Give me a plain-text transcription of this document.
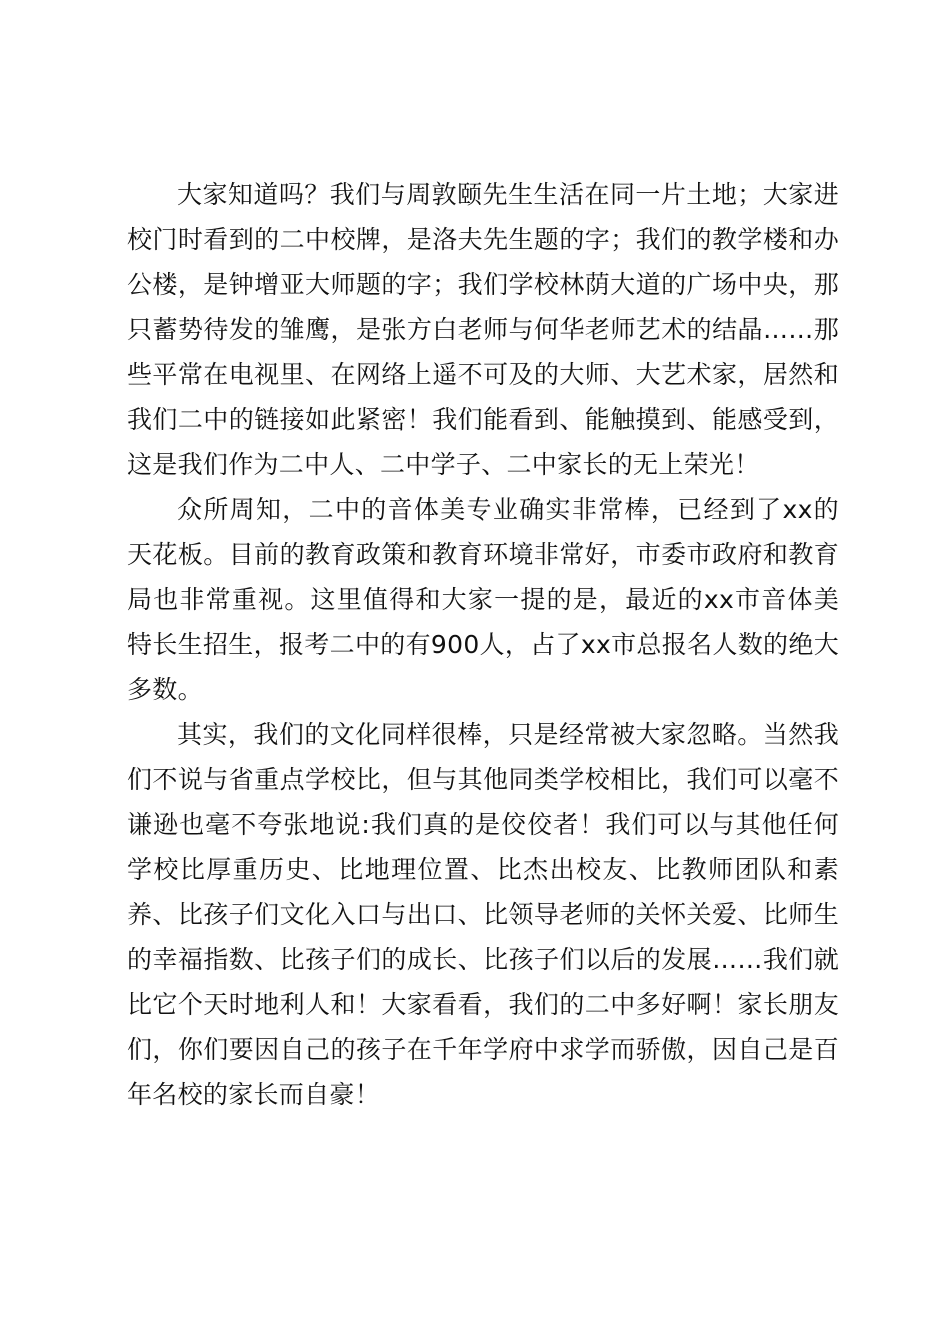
大家知道吗？我们与周敦颐先生生活在同一片土地；大家进校门时看到的二中校牌，是洛夫先生题的字；我们的教学楼和办公楼，是钟增亚大师题的字；我们学校林荫大道的广场中央，那只蓄势待发的雏鹰，是张方白老师与何华老师艺术的结晶……那些平常在电视里、在网络上遥不可及的大师、大艺术家，居然和我们二中的链接如此紧密！我们能看到、能触摸到、能感受到，这是我们作为二中人、二中学子、二中家长的无上荣光！

众所周知，二中的音体美专业确实非常棒，已经到了xx的天花板。目前的教育政策和教育环境非常好，市委市政府和教育局也非常重视。这里值得和大家一提的是，最近的xx市音体美特长生招生，报考二中的有900人，占了xx市总报名人数的绝大多数。

其实，我们的文化同样很棒，只是经常被大家忽略。当然我们不说与省重点学校比，但与其他同类学校相比，我们可以毫不谦逊也毫不夸张地说:我们真的是佼佼者！我们可以与其他任何学校比厚重历史、比地理位置、比杰出校友、比教师团队和素养、比孩子们文化入口与出口、比领导老师的关怀关爱、比师生的幸福指数、比孩子们的成长、比孩子们以后的发展……我们就比它个天时地利人和！大家看看，我们的二中多好啊！家长朋友们，你们要因自己的孩子在千年学府中求学而骄傲，因自己是百年名校的家长而自豪！
